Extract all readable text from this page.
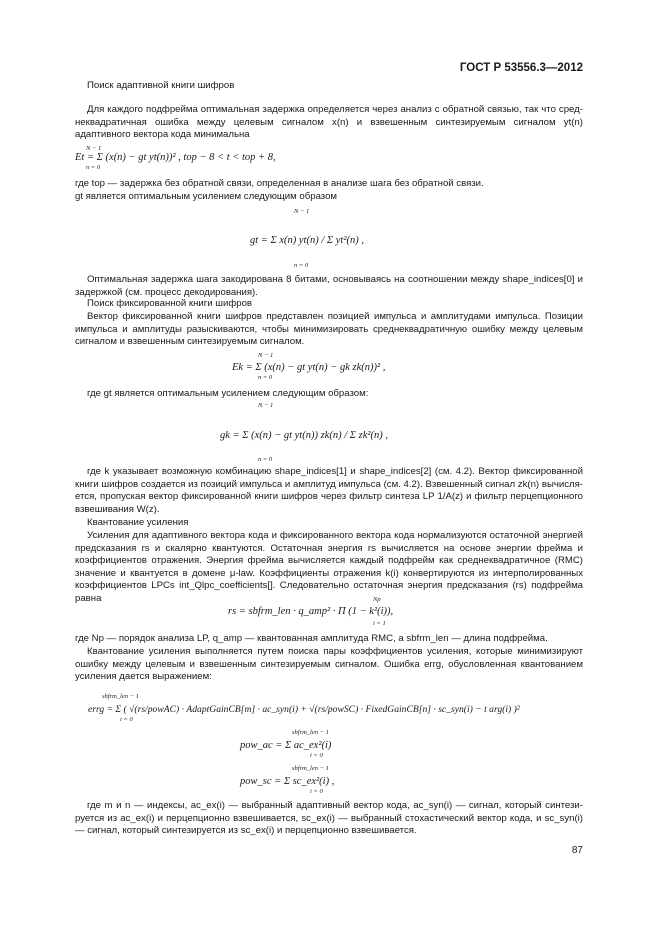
ГОСТ Р 53556.3—2012
Поиск адаптивной книги шифров
Для каждого подфрейма оптимальная задержка определяется через анализ с обратной связью, так что среднеквадратичная ошибка между целевым сигналом x(n) и взвешенным синтезируемым сигналом yt(n) адаптивного вектора кода минимальна
Et = Σ (x(n) − gt yt(n))² , top − 8 < t < top + 8,
где top — задержка без обратной связи, определенная в анализе шага без обратной связи.
gt является оптимальным усилением следующим образом
gt = Σ x(n) yt(n) / Σ yt²(n) ,
Оптимальная задержка шага закодирована 8 битами, основываясь на соотношении между shape_indices[0] и задержкой (см. процесс декодирования).
Поиск фиксированной книги шифров
Вектор фиксированной книги шифров представлен позицией импульса и амплитудами импульса. Позиции импульса и амплитуды разыскиваются, чтобы минимизировать среднеквадратичную ошибку между целевым сигналом и взвешенным синтезируемым сигналом.
Ek = Σ (x(n) − gt yt(n) − gk zk(n))² ,
где gt является оптимальным усилением следующим образом:
gk = Σ (x(n) − gt yt(n)) zk(n) / Σ zk²(n) ,
где k указывает возможную комбинацию shape_indices[1] и shape_indices[2] (см. 4.2). Вектор фиксированной книги шифров создается из позиций импульса и амплитуд импульса (см. 4.2). Взвешенный сигнал zk(n) вычисляется, пропуская вектор фиксированной книги шифров через фильтр синтеза LP 1/A(z) и фильтр перцепционного взвешивания W(z).
Квантование усиления
Усиления для адаптивного вектора кода и фиксированного вектора кода нормализуются остаточной энергией предсказания rs и скалярно квантуются. Остаточная энергия rs вычисляется на основе энергии фрейма и коэффициентов отражения. Энергия фрейма вычисляется каждый подфрейм как среднеквадратичное (RMC) значение и квантуется в домене μ-law. Коэффициенты отражения k(i) конвертируются из интерполированных коэффициентов LPCs int_Qlpc_coefficients[]. Следовательно остаточная энергия предсказания (rs) подфрейма равна
rs = sbfrm_len · q_amp² · Π (1 − k²(i)),
где Np — порядок анализа LP, q_amp — квантованная амплитуда RMC, а sbfrm_len — длина подфрейма.
Квантование усиления выполняется путем поиска пары коэффициентов усиления, которые минимизируют ошибку между целевым и взвешенным синтезируемым сигналом. Ошибка errg, обусловленная квантованием усиления дается выражением:
errg = Σ ( √(rs/powAC) · AdaptGainCB[m] · ac_syn(i) + √(rs/powSC) · FixedGainCB[n] · sc_syn(i) − t arg(i) )²
sbfrm_len − 1
i = 0
pow_ac = Σ ac_ex²(i)
sbfrm_len − 1
i = 0
pow_sc = Σ sc_ex²(i) ,
sbfrm_len − 1
i = 0
где m и n — индексы, ac_ex(i) — выбранный адаптивный вектор кода, ac_syn(i) — сигнал, который синтезируется из ac_ex(i) и перцепционно взвешивается, sc_ex(i) — выбранный стохастический вектор кода, и sc_syn(i) — сигнал, который синтезируется из sc_ex(i) и перцепционно взвешивается.
N − 1
n = 0
N − 1
n = 0
N − 1
n = 0
N − 1
n = 0
Np
i = 1
87
